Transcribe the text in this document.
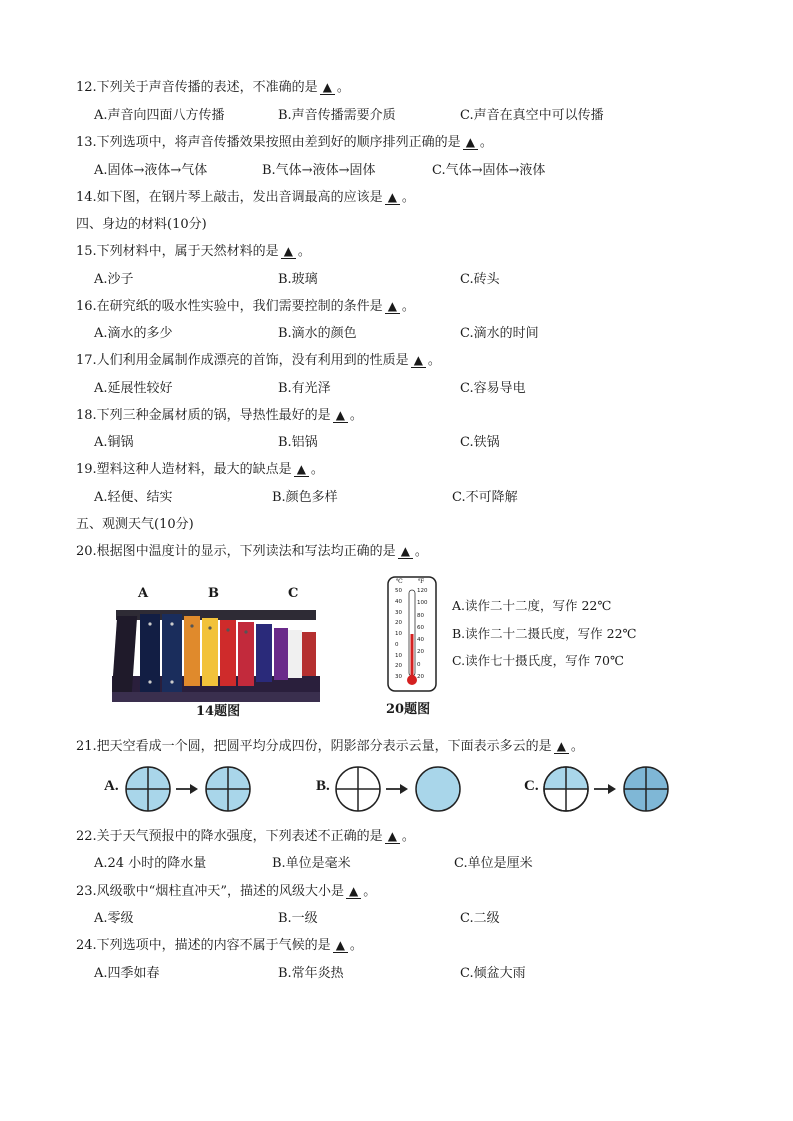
12.下列关于声音传播的表述，不准确的是 ▲ 。
A.声音向四面八方传播	B.声音传播需要介质	C.声音在真空中可以传播
13.下列选项中，将声音传播效果按照由差到好的顺序排列正确的是 ▲ 。
A.固体→液体→气体	B.气体→液体→固体	C.气体→固体→液体
14.如下图，在钢片琴上敲击，发出音调最高的应该是 ▲ 。
四、身边的材料(10分)
15.下列材料中，属于天然材料的是 ▲ 。
A.沙子	B.玻璃	C.砖头
16.在研究纸的吸水性实验中，我们需要控制的条件是 ▲ 。
A.滴水的多少	B.滴水的颜色	C.滴水的时间
17.人们利用金属制作成漂亮的首饰，没有利用到的性质是 ▲ 。
A.延展性较好	B.有光泽	C.容易导电
18.下列三种金属材质的锅，导热性最好的是 ▲ 。
A.铜锅	B.铝锅	C.铁锅
19.塑料这种人造材料，最大的缺点是 ▲ 。
A.轻便、结实	B.颜色多样	C.不可降解
五、观测天气(10分)
20.根据图中温度计的显示，下列读法和写法均正确的是 ▲ 。
A	B	C
14题图
℃	℉
50
40
30
20
10
0
10
20
30
120
100
80
60
40
20
0
20
20题图
A.读作二十二度，写作 22℃
B.读作二十二摄氏度，写作 22℃
C.读作七十摄氏度，写作 70℃
21.把天空看成一个圆，把圆平均分成四份，阴影部分表示云量，下面表示多云的是 ▲ 。
A.	B.	C.
22.关于天气预报中的降水强度，下列表述不正确的是 ▲ 。
A.24 小时的降水量	B.单位是毫米	C.单位是厘米
23.风级歌中“烟柱直冲天”，描述的风级大小是 ▲ 。
A.零级	B.一级	C.二级
24.下列选项中，描述的内容不属于气候的是 ▲ 。
A.四季如春	B.常年炎热	C.倾盆大雨
